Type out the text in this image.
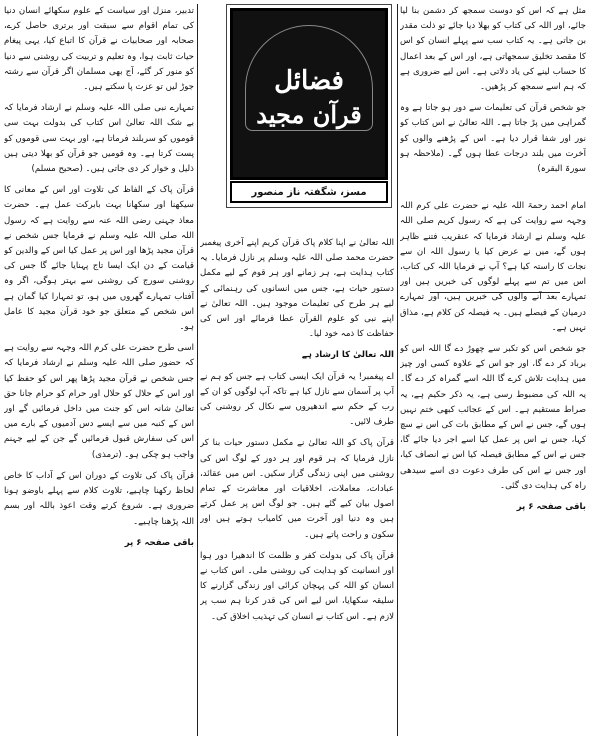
فضائل
قرآن مجید
مسز، شگفتہ ناز منصور

مثل ہے کہ اس کو دوست سمجھ کر دشمن بنا لیا جائے، اور اللہ کی کتاب کو بھلا دیا جائے تو ذلت مقدر بن جاتی ہے۔ یہ کتاب سب سے پہلے انسان کو اس کا مقصد تخلیق سمجھاتی ہے، اور اس کے بعد اعمال کا حساب لینے کی یاد دلاتی ہے۔ اس لیے ضروری ہے کہ ہم اسے سمجھ کر پڑھیں۔

جو شخص قرآن کی تعلیمات سے دور ہو جاتا ہے وہ گمراہی میں پڑ جاتا ہے۔ اللہ تعالیٰ نے اس کتاب کو نور اور شفا قرار دیا ہے۔ اس کے پڑھنے والوں کو آخرت میں بلند درجات عطا ہوں گے۔ (ملاحظہ ہو سورۃ البقرہ)

امام احمد رحمۃ اللہ علیہ نے حضرت علی کرم اللہ وجہہ سے روایت کی ہے کہ رسول کریم صلی اللہ علیہ وسلم نے ارشاد فرمایا کہ عنقریب فتنے ظاہر ہوں گے، میں نے عرض کیا یا رسول اللہ ان سے نجات کا راستہ کیا ہے؟ آپ نے فرمایا اللہ کی کتاب، اس میں تم سے پہلے لوگوں کی خبریں ہیں اور تمہارے بعد آنے والوں کی خبریں ہیں، اور تمہارے درمیان کے فیصلے ہیں۔ یہ فیصلہ کن کلام ہے، مذاق نہیں ہے۔

جو شخص اس کو تکبر سے چھوڑ دے گا اللہ اس کو برباد کر دے گا، اور جو اس کے علاوہ کسی اور چیز میں ہدایت تلاش کرے گا اللہ اسے گمراہ کر دے گا۔ یہ اللہ کی مضبوط رسی ہے، یہ ذکر حکیم ہے، یہ صراط مستقیم ہے۔ اس کے عجائب کبھی ختم نہیں ہوں گے، جس نے اس کے مطابق بات کی اس نے سچ کہا، جس نے اس پر عمل کیا اسے اجر دیا جائے گا، جس نے اس کے مطابق فیصلہ کیا اس نے انصاف کیا، اور جس نے اس کی طرف دعوت دی اسے سیدھی راہ کی ہدایت دی گئی۔

باقی صفحہ ۶ پر

اللہ تعالیٰ نے اپنا کلام پاک قرآن کریم اپنے آخری پیغمبر حضرت محمد صلی اللہ علیہ وسلم پر نازل فرمایا۔ یہ کتاب ہدایت ہے، ہر زمانے اور ہر قوم کے لیے مکمل دستور حیات ہے، جس میں انسانوں کی رہنمائی کے لیے ہر طرح کی تعلیمات موجود ہیں۔ اللہ تعالیٰ نے اپنے نبی کو علوم القرآن عطا فرمائے اور اس کی حفاظت کا ذمہ خود لیا۔

اللہ تعالیٰ کا ارشاد ہے

اے پیغمبر! یہ قرآن ایک ایسی کتاب ہے جس کو ہم نے آپ پر آسمان سے نازل کیا ہے تاکہ آپ لوگوں کو ان کے رب کے حکم سے اندھیروں سے نکال کر روشنی کی طرف لائیں۔

قرآن پاک کو اللہ تعالیٰ نے مکمل دستور حیات بنا کر نازل فرمایا کہ ہر قوم اور ہر دور کے لوگ اس کی روشنی میں اپنی زندگی گزار سکیں۔ اس میں عقائد، عبادات، معاملات، اخلاقیات اور معاشرت کے تمام اصول بیان کیے گئے ہیں۔ جو لوگ اس پر عمل کرتے ہیں وہ دنیا اور آخرت میں کامیاب ہوتے ہیں اور سکون و راحت پاتے ہیں۔

قرآن پاک کی بدولت کفر و ظلمت کا اندھیرا دور ہوا اور انسانیت کو ہدایت کی روشنی ملی۔ اس کتاب نے انسان کو اللہ کی پہچان کرائی اور زندگی گزارنے کا سلیقہ سکھایا، اس لیے اس کی قدر کرنا ہم سب پر لازم ہے۔ اس کتاب نے انسان کی تہذیب اخلاق کی۔

تدبیر، منزل اور سیاست کے علوم سکھائے انسان دنیا کی تمام اقوام سے سبقت اور برتری حاصل کرے، صحابہ اور صحابیات نے قرآن کا اتباع کیا، یہی پیغام حیات ثابت ہوا، وہ تعلیم و تربیت کی روشنی سے دنیا کو منور کر گئے، آج بھی مسلمان اگر قرآن سے رشتہ جوڑ لیں تو عزت پا سکتے ہیں۔

تمہارے نبی صلی اللہ علیہ وسلم نے ارشاد فرمایا کہ بے شک اللہ تعالیٰ اس کتاب کی بدولت بہت سی قوموں کو سربلند فرماتا ہے، اور بہت سی قوموں کو پست کرتا ہے۔ وہ قومیں جو قرآن کو بھلا دیتی ہیں ذلیل و خوار کر دی جاتی ہیں۔ (صحیح مسلم)

قرآن پاک کے الفاظ کی تلاوت اور اس کے معانی کا سیکھنا اور سکھانا بہت بابرکت عمل ہے۔ حضرت معاذ جہنی رضی اللہ عنہ سے روایت ہے کہ رسول اللہ صلی اللہ علیہ وسلم نے فرمایا جس شخص نے قرآن مجید پڑھا اور اس پر عمل کیا اس کے والدین کو قیامت کے دن ایک ایسا تاج پہنایا جائے گا جس کی روشنی سورج کی روشنی سے بہتر ہوگی، اگر وہ آفتاب تمہارے گھروں میں ہو، تو تمہارا کیا گمان ہے اس شخص کے متعلق جو خود قرآن مجید کا عامل ہو۔

اسی طرح حضرت علی کرم اللہ وجہہ سے روایت ہے کہ حضور صلی اللہ علیہ وسلم نے ارشاد فرمایا کہ جس شخص نے قرآن مجید پڑھا پھر اس کو حفظ کیا اور اس کے حلال کو حلال اور حرام کو حرام جانا حق تعالیٰ شانہ اس کو جنت میں داخل فرمائیں گے اور اس کے کنبہ میں سے ایسے دس آدمیوں کے بارے میں اس کی سفارش قبول فرمائیں گے جن کے لیے جہنم واجب ہو چکی ہو۔ (ترمذی)

قرآن پاک کی تلاوت کے دوران اس کے آداب کا خاص لحاظ رکھنا چاہیے، تلاوت کلام سے پہلے باوضو ہونا ضروری ہے۔ شروع کرتے وقت اعوذ باللہ اور بسم اللہ پڑھنا چاہیے۔

باقی صفحہ ۶ پر
